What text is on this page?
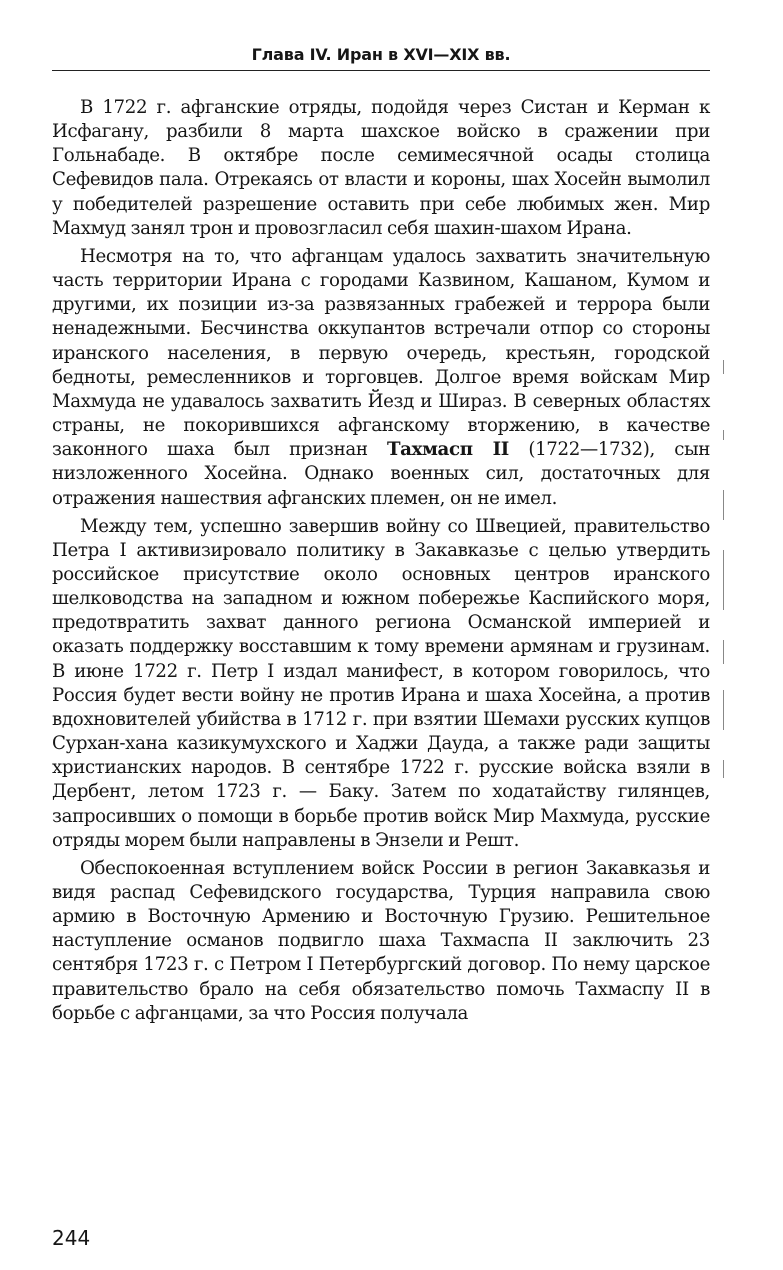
Глава IV. Иран в XVI—XIX вв.

В 1722 г. афганские отряды, подойдя через Систан и Керман к Исфагану, разбили 8 марта шахское войско в сражении при Гольнабаде. В октябре после семимесячной осады столица Сефевидов пала. Отрекаясь от власти и короны, шах Хосейн вымолил у победителей разрешение оставить при себе любимых жен. Мир Махмуд занял трон и провозгласил себя шахин-шахом Ирана.

Несмотря на то, что афганцам удалось захватить значительную часть территории Ирана с городами Казвином, Кашаном, Кумом и другими, их позиции из-за развязанных грабежей и террора были ненадежными. Бесчинства оккупантов встречали отпор со стороны иранского населения, в первую очередь, крестьян, городской бедноты, ремесленников и торговцев. Долгое время войскам Мир Махмуда не удавалось захватить Йезд и Шираз. В северных областях страны, не покорившихся афганскому вторжению, в качестве законного шаха был признан Тахмасп II (1722—1732), сын низложенного Хосейна. Однако военных сил, достаточных для отражения нашествия афганских племен, он не имел.

Между тем, успешно завершив войну со Швецией, правительство Петра I активизировало политику в Закавказье с целью утвердить российское присутствие около основных центров иранского шелководства на западном и южном побережье Каспийского моря, предотвратить захват данного региона Османской империей и оказать поддержку восставшим к тому времени армянам и грузинам. В июне 1722 г. Петр I издал манифест, в котором говорилось, что Россия будет вести войну не против Ирана и шаха Хосейна, а против вдохновителей убийства в 1712 г. при взятии Шемахи русских купцов Сурхан-хана казикумухского и Хаджи Дауда, а также ради защиты христианских народов. В сентябре 1722 г. русские войска взяли в Дербент, летом 1723 г. — Баку. Затем по ходатайству гилянцев, запросивших о помощи в борьбе против войск Мир Махмуда, русские отряды морем были направлены в Энзели и Решт.

Обеспокоенная вступлением войск России в регион Закавказья и видя распад Сефевидского государства, Турция направила свою армию в Восточную Армению и Восточную Грузию. Решительное наступление османов подвигло шаха Тахмаспа II заключить 23 сентября 1723 г. с Петром I Петербургский договор. По нему царское правительство брало на себя обязательство помочь Тахмаспу II в борьбе с афганцами, за что Россия получала

244
